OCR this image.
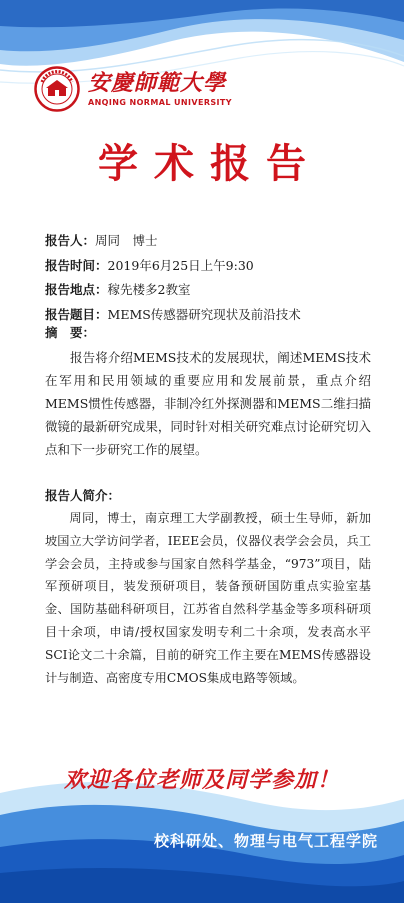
安慶師範大學
ANQING NORMAL UNIVERSITY
学术报告
报告人：周同　博士
报告时间：2019年6月25日上午9:30
报告地点：稼先楼多2教室
报告题目：MEMS传感器研究现状及前沿技术
摘　要：
报告将介绍MEMS技术的发展现状，阐述MEMS技术在军用和民用领域的重要应用和发展前景，重点介绍MEMS惯性传感器，非制冷红外探测器和MEMS二维扫描微镜的最新研究成果，同时针对相关研究难点讨论研究切入点和下一步研究工作的展望。
报告人简介：
周同，博士，南京理工大学副教授，硕士生导师，新加坡国立大学访问学者，IEEE会员，仪器仪表学会会员，兵工学会会员，主持或参与国家自然科学基金，“973”项目，陆军预研项目，装发预研项目，装备预研国防重点实验室基金、国防基础科研项目，江苏省自然科学基金等多项科研项目十余项，申请/授权国家发明专利二十余项，发表高水平SCI论文二十余篇，目前的研究工作主要在MEMS传感器设计与制造、高密度专用CMOS集成电路等领域。
欢迎各位老师及同学参加！
校科研处、物理与电气工程学院
